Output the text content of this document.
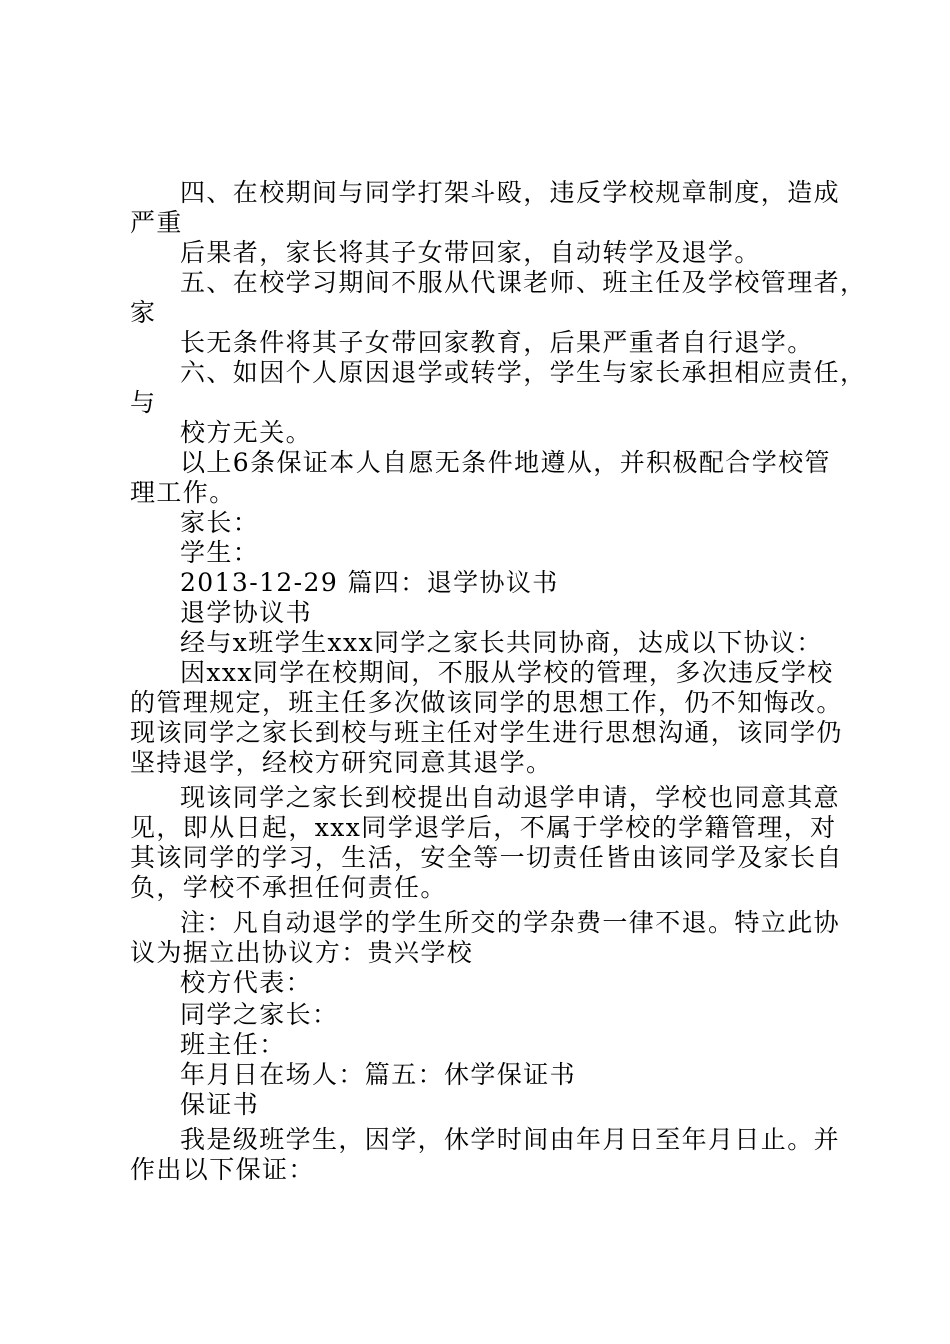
四、在校期间与同学打架斗殴，违反学校规章制度，造成
严重
后果者，家长将其子女带回家，自动转学及退学。
五、在校学习期间不服从代课老师、班主任及学校管理者，
家
长无条件将其子女带回家教育，后果严重者自行退学。
六、如因个人原因退学或转学，学生与家长承担相应责任，
与
校方无关。
以上6条保证本人自愿无条件地遵从，并积极配合学校管
理工作。
家长：
学生：
2013-12-29 篇四：退学协议书
退学协议书
经与x班学生xxx同学之家长共同协商，达成以下协议：
因xxx同学在校期间，不服从学校的管理，多次违反学校
的管理规定，班主任多次做该同学的思想工作，仍不知悔改。
现该同学之家长到校与班主任对学生进行思想沟通，该同学仍
坚持退学，经校方研究同意其退学。
现该同学之家长到校提出自动退学申请，学校也同意其意
见，即从日起，xxx同学退学后，不属于学校的学籍管理，对
其该同学的学习，生活，安全等一切责任皆由该同学及家长自
负，学校不承担任何责任。
注：凡自动退学的学生所交的学杂费一律不退。特立此协
议为据立出协议方：贵兴学校
校方代表：
同学之家长：
班主任：
年月日在场人：篇五：休学保证书
保证书
我是级班学生，因学，休学时间由年月日至年月日止。并
作出以下保证：
